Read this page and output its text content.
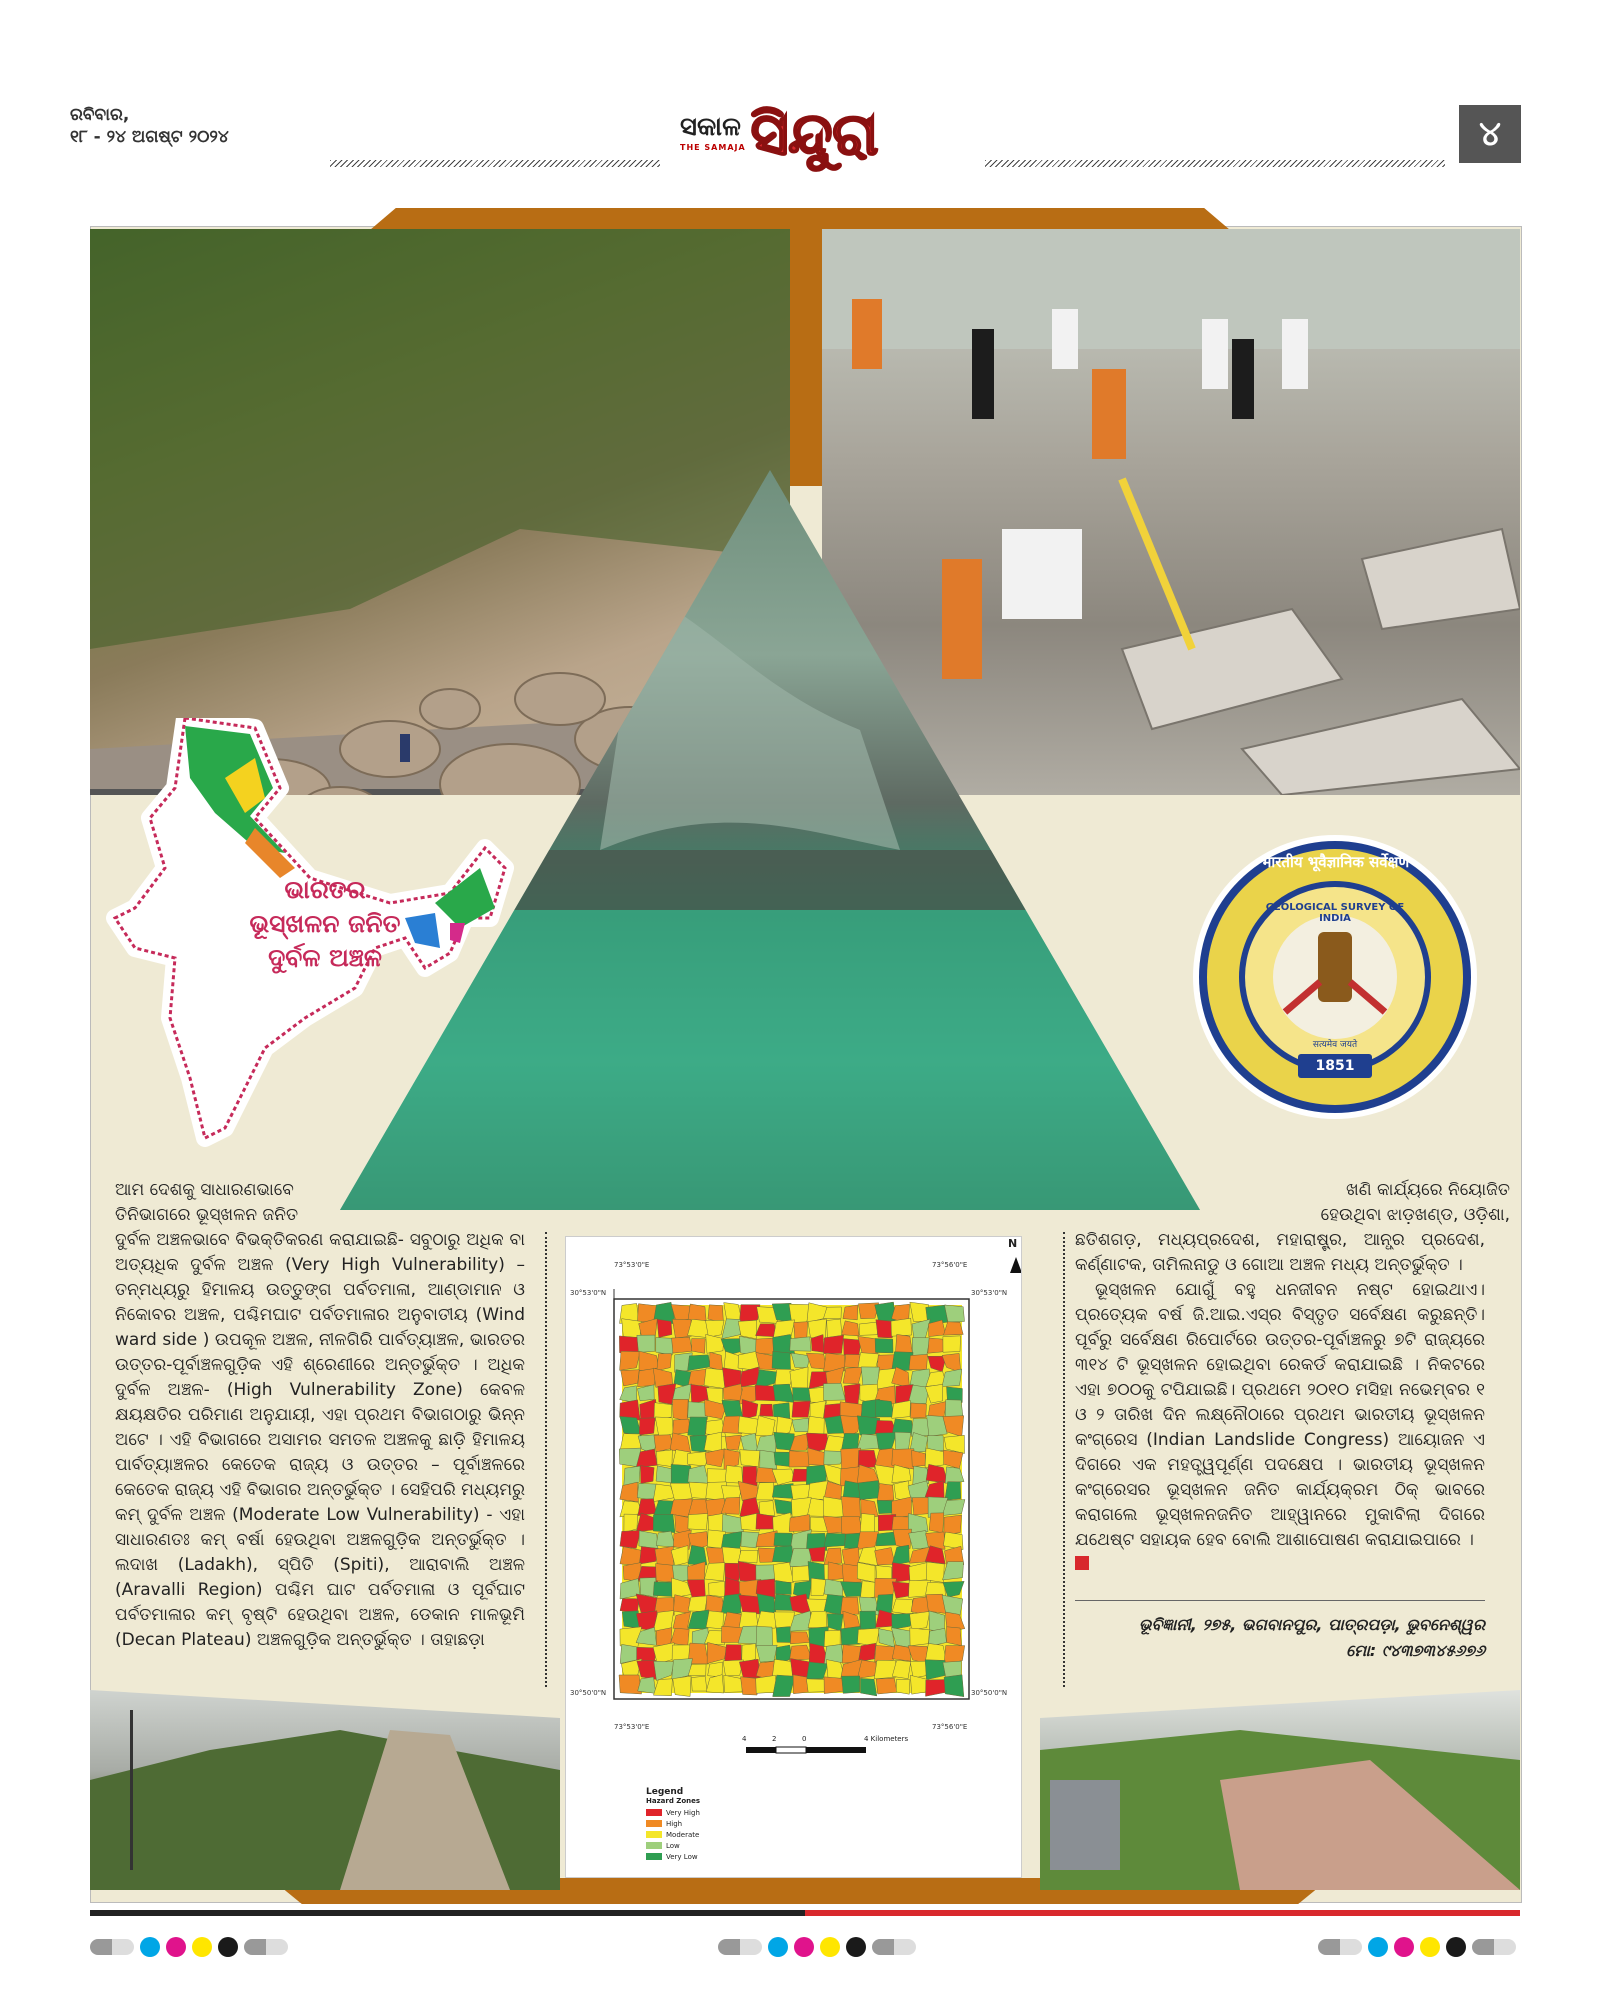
ରବିବାର,
୧୮ - ୨୪ ଅଗଷ୍ଟ ୨୦୨୪	ସକାଳ
THE SAMAJA ସିନ୍ଦୁରା	୪
ଭାରତର
ଭୂସ୍ଖଳନ ଜନିତ
ଦୁର୍ବଳ ଅଞ୍ଚଳ
भारतीय भूवैज्ञानिक सर्वेक्षण
GEOLOGICAL SURVEY OF INDIA
सत्यमेव जयते
1851
ଆମ ଦେଶକୁ ସାଧାରଣଭାବେ
ତିନିଭାଗରେ ଭୂସ୍ଖଳନ ଜନିତ
ଦୁର୍ବଳ ଅଞ୍ଚଳଭାବେ ବିଭକ୍ତିକରଣ କରାଯାଇଛି- ସବୁଠାରୁ ଅଧିକ ବା ଅତ୍ୟଧିକ ଦୁର୍ବଳ ଅଞ୍ଚଳ (Very High Vulnerability) – ତନ୍ମଧ୍ୟରୁ ହିମାଳୟ ଉତ୍ତୁଙ୍ଗ ପର୍ବତମାଳା, ଆଣ୍ଡାମାନ ଓ ନିକୋବର ଅଞ୍ଚଳ, ପଶ୍ଚିମଘାଟ ପର୍ବତମାଳାର ଅନୁବାତୀୟ (Wind ward side ) ଉପକୂଳ ଅଞ୍ଚଳ, ନୀଳଗିରି ପାର୍ବତ୍ୟାଞ୍ଚଳ, ଭାରତର ଉତ୍ତର-ପୂର୍ବାଞ୍ଚଳଗୁଡ଼ିକ ଏହି ଶ୍ରେଣୀରେ ଅନ୍ତର୍ଭୁକ୍ତ । ଅଧିକ ଦୁର୍ବଳ ଅଞ୍ଚଳ- (High Vulnerability Zone) କେବଳ କ୍ଷୟକ୍ଷତିର ପରିମାଣ ଅନୁଯାୟୀ, ଏହା ପ୍ରଥମ ବିଭାଗଠାରୁ ଭିନ୍ନ ଅଟେ । ଏହି ବିଭାଗରେ ଅସାମର ସମତଳ ଅଞ୍ଚଳକୁ ଛାଡ଼ି ହିମାଳୟ ପାର୍ବତ୍ୟାଞ୍ଚଳର କେତେକ ରାଜ୍ୟ ଓ ଉତ୍ତର – ପୂର୍ବାଞ୍ଚଳରେ କେତେକ ରାଜ୍ୟ ଏହି ବିଭାଗର ଅନ୍ତର୍ଭୁକ୍ତ । ସେହିପରି ମଧ୍ୟମରୁ କମ୍ ଦୁର୍ବଳ ଅଞ୍ଚଳ (Moderate Low Vulnerability) - ଏହା ସାଧାରଣତଃ କମ୍ ବର୍ଷା ହେଉଥିବା ଅଞ୍ଚଳଗୁଡ଼ିକ ଅନ୍ତର୍ଭୁକ୍ତ । ଲଦାଖ (Ladakh), ସ୍ପିତି (Spiti), ଆରାବାଲି ଅଞ୍ଚଳ (Aravalli Region) ପଶ୍ଚିମ ଘାଟ ପର୍ବତମାଳା ଓ ପୂର୍ବଘାଟ ପର୍ବତମାଳାର କମ୍ ବୃଷ୍ଟି ହେଉଥିବା ଅଞ୍ଚଳ, ଡେକାନ ମାଳଭୂମି (Decan Plateau) ଅଞ୍ଚଳଗୁଡ଼ିକ ଅନ୍ତର୍ଭୁକ୍ତ । ତାହାଛଡ଼ା
N
73°53'0"E	73°56'0"E
30°53'0"N	30°53'0"N
30°50'0"N	30°50'0"N
73°53'0"E	73°56'0"E
4	2	0	4 Kilometers
Legend
Hazard Zones
Very High
High
Moderate
Low
Very Low
ଖଣି କାର୍ଯ୍ୟରେ ନିୟୋଜିତ
ହେଉଥିବା ଝାଡ଼ଖଣ୍ଡ, ଓଡ଼ିଶା,
ଛତିଶଗଡ଼, ମଧ୍ୟପ୍ରଦେଶ, ମହାରାଷ୍ଟ୍ର, ଆନ୍ଧ୍ର ପ୍ରଦେଶ, କର୍ଣ୍ଣାଟକ, ତାମିଲନାଡୁ ଓ ଗୋଆ ଅଞ୍ଚଳ ମଧ୍ୟ ଅନ୍ତର୍ଭୁକ୍ତ ।
ଭୂସ୍ଖଳନ ଯୋଗୁଁ ବହୁ ଧନଜୀବନ ନଷ୍ଟ ହୋଇଥାଏ। ପ୍ରତ୍ୟେକ ବର୍ଷ ଜି.ଆଇ.ଏସ୍‌ର ବିସ୍ତୃତ ସର୍ବେକ୍ଷଣ କରୁଛନ୍ତି। ପୂର୍ବରୁ ସର୍ବେକ୍ଷଣ ରିପୋର୍ଟରେ ଉତ୍ତର-ପୂର୍ବାଞ୍ଚଳରୁ ୭ଟି ରାଜ୍ୟରେ ୩୧୪ ଟି ଭୂସ୍ଖଳନ ହୋଇଥିବା ରେକର୍ଡ କରାଯାଇଛି । ନିକଟରେ ଏହା ୭୦୦କୁ ଟପିଯାଇଛି। ପ୍ରଥମେ ୨୦୧୦ ମସିହା ନଭେମ୍ବର ୧ ଓ ୨ ତାରିଖ ଦିନ ଲକ୍ଷ୍ନୌଠାରେ ପ୍ରଥମ ଭାରତୀୟ ଭୂସ୍ଖଳନ କଂଗ୍ରେସ (Indian Landslide Congress) ଆୟୋଜନ ଏ ଦିଗରେ ଏକ ମହତ୍ତ୍ୱପୂର୍ଣ୍ଣ ପଦକ୍ଷେପ । ଭାରତୀୟ ଭୂସ୍ଖଳନ କଂଗ୍ରେସର ଭୂସ୍ଖଳନ ଜନିତ କାର୍ଯ୍ୟକ୍ରମ ଠିକ୍ ଭାବରେ କରାଗଲେ ଭୂସ୍ଖଳନଜନିତ ଆହ୍ୱାନରେ ମୁକାବିଲା ଦିଗରେ ଯଥେଷ୍ଟ ସହାୟକ ହେବ ବୋଲି ଆଶାପୋଷଣ କରାଯାଇପାରେ ।
ଭୂବିଜ୍ଞାନୀ, ୨୭୫, ଭଗବାନପୁର, ପାତ୍ରପଡ଼ା, ଭୁବନେଶ୍ୱର
ମୋ: ୯୪୩୭୩୪୫୬୭୬
